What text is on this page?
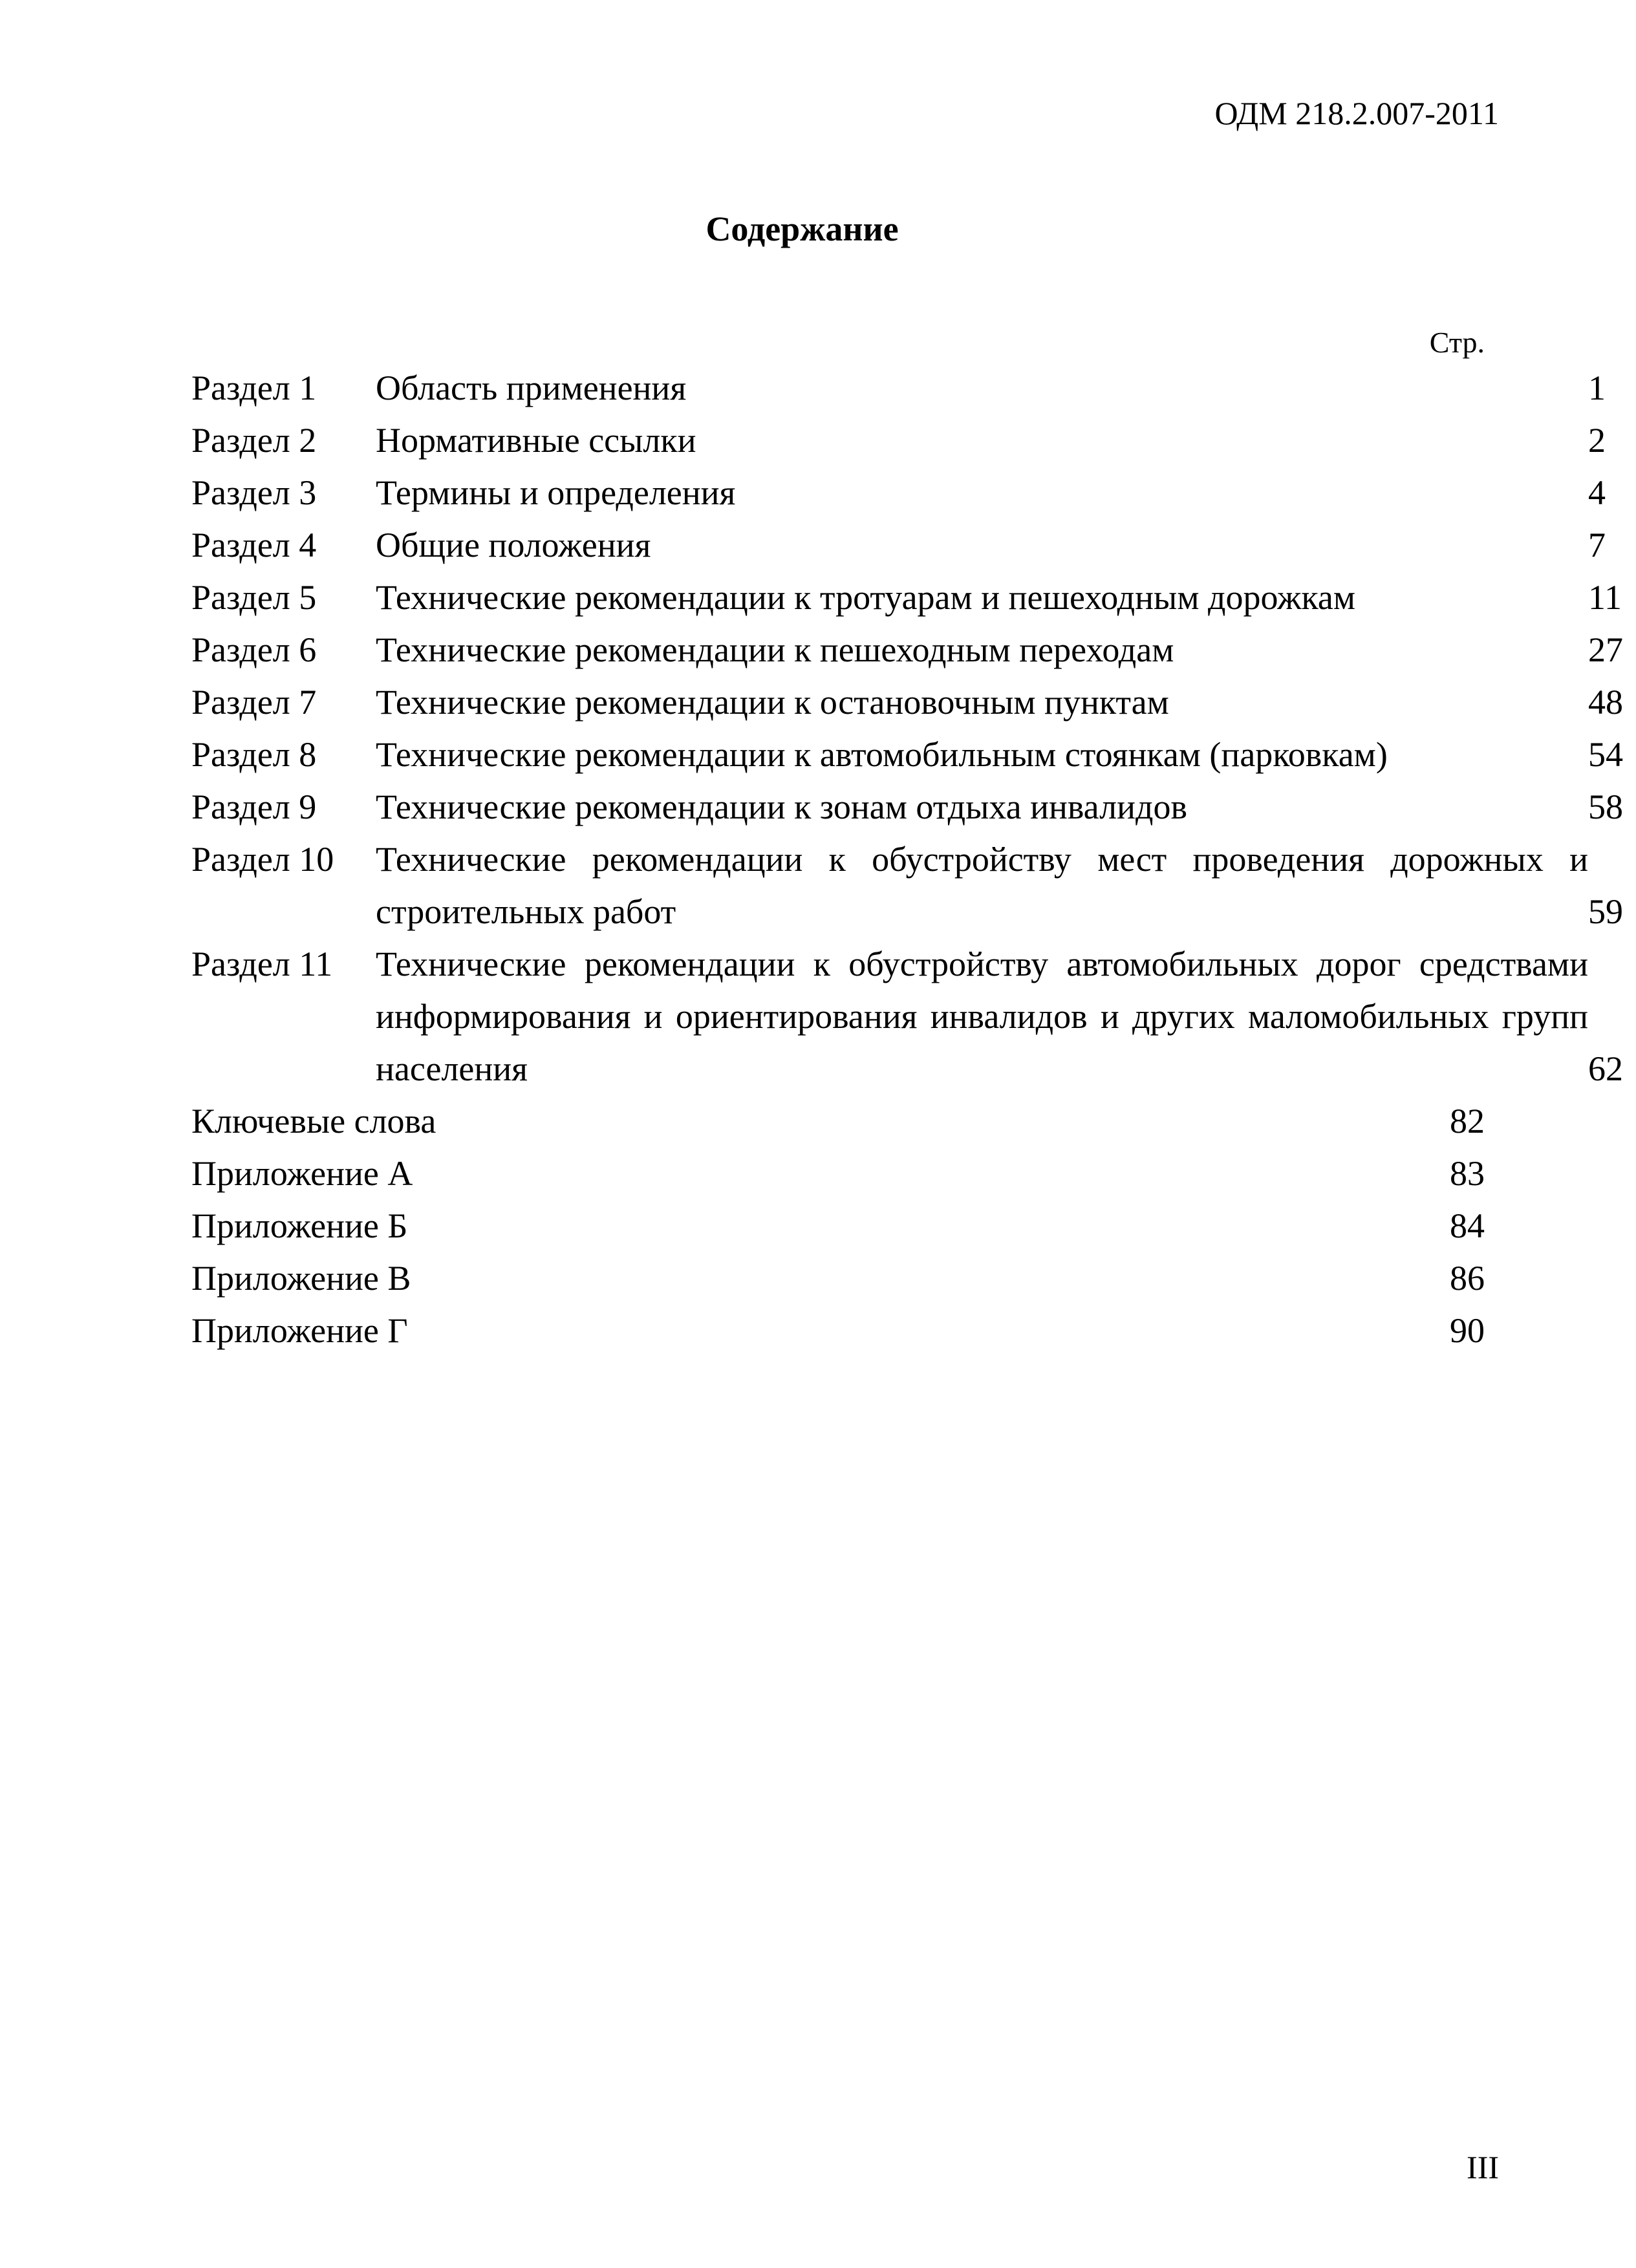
ОДМ 218.2.007-2011
Содержание
Стр.
Раздел 1	Область применения	1
Раздел 2	Нормативные ссылки	2
Раздел 3	Термины и определения	4
Раздел 4	Общие положения	7
Раздел 5	Технические рекомендации к тротуарам и пешеходным дорожкам	11
Раздел 6	Технические рекомендации к пешеходным переходам	27
Раздел 7	Технические рекомендации к остановочным пунктам	48
Раздел 8	Технические рекомендации к автомобильным стоянкам (парковкам)	54
Раздел 9	Технические рекомендации к зонам отдыха инвалидов	58
Раздел 10	Технические рекомендации к обустройству мест проведения дорожных и строительных работ	59
Раздел 11	Технические рекомендации к обустройству автомобильных дорог средствами информирования и ориентирования инвалидов и других маломобильных групп населения	62
Ключевые слова	82
Приложение А	83
Приложение Б	84
Приложение В	86
Приложение Г	90
III
